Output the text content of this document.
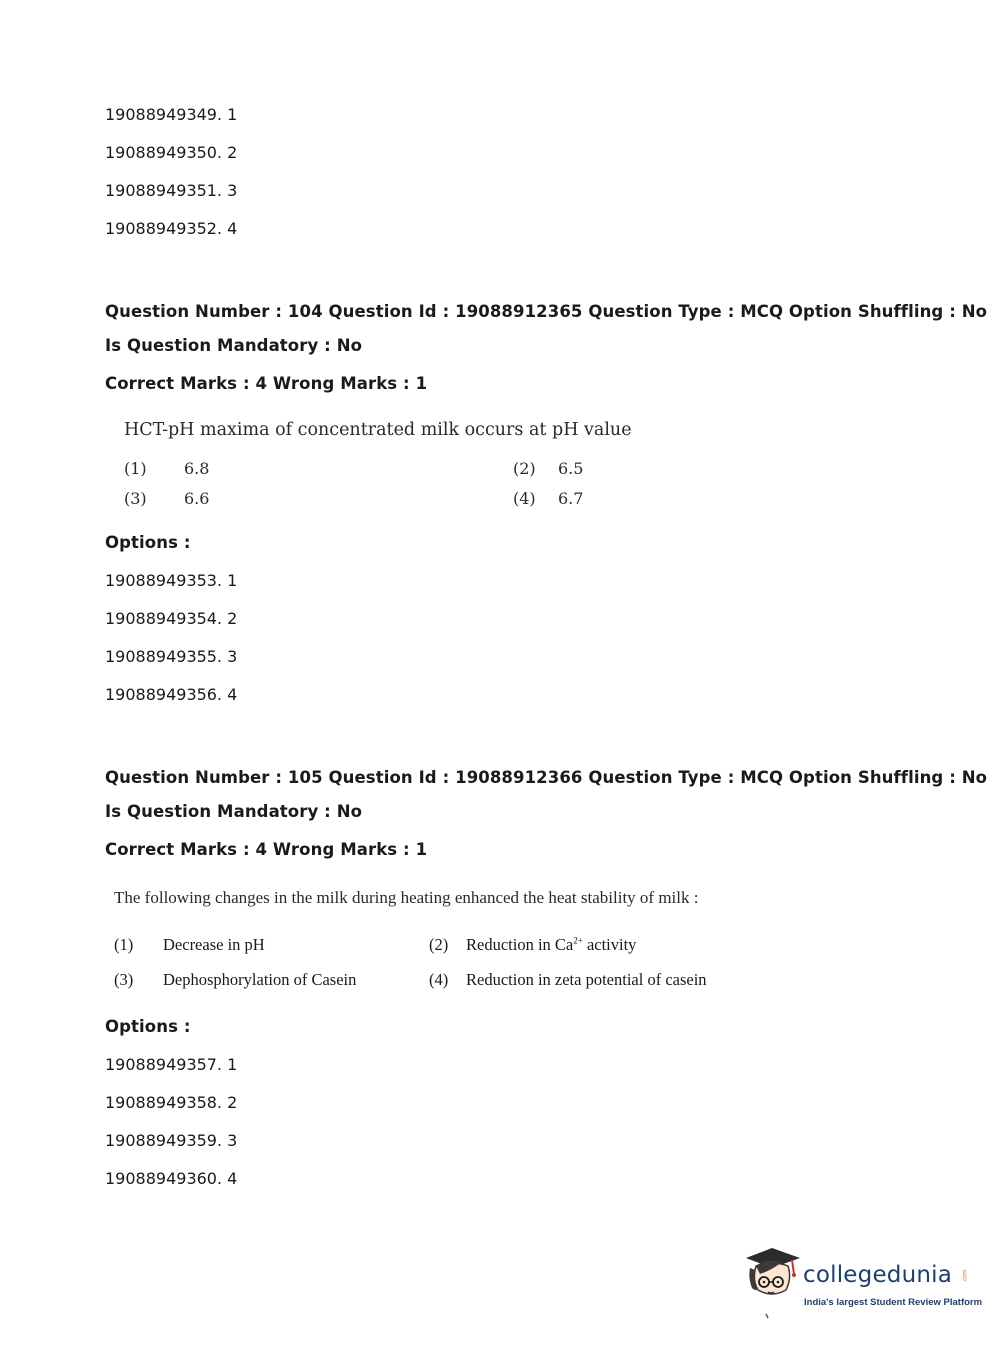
19088949349. 1
19088949350. 2
19088949351. 3
19088949352. 4
Question Number : 104 Question Id : 19088912365 Question Type : MCQ Option Shuffling : No
Is Question Mandatory : No
Correct Marks : 4 Wrong Marks : 1
HCT-pH maxima of concentrated milk occurs at pH value
(1) 6.8	(2) 6.5
(3) 6.6	(4) 6.7
Options :
19088949353. 1
19088949354. 2
19088949355. 3
19088949356. 4
Question Number : 105 Question Id : 19088912366 Question Type : MCQ Option Shuffling : No
Is Question Mandatory : No
Correct Marks : 4 Wrong Marks : 1
The following changes in the milk during heating enhanced the heat stability of milk :
(1) Decrease in pH	(2) Reduction in $Ca^{2+}$ activity
(3) Dephosphorylation of Casein	(4) Reduction in zeta potential of casein
Options :
19088949357. 1
19088949358. 2
19088949359. 3
19088949360. 4
collegedunia .com
India's largest Student Review Platform
